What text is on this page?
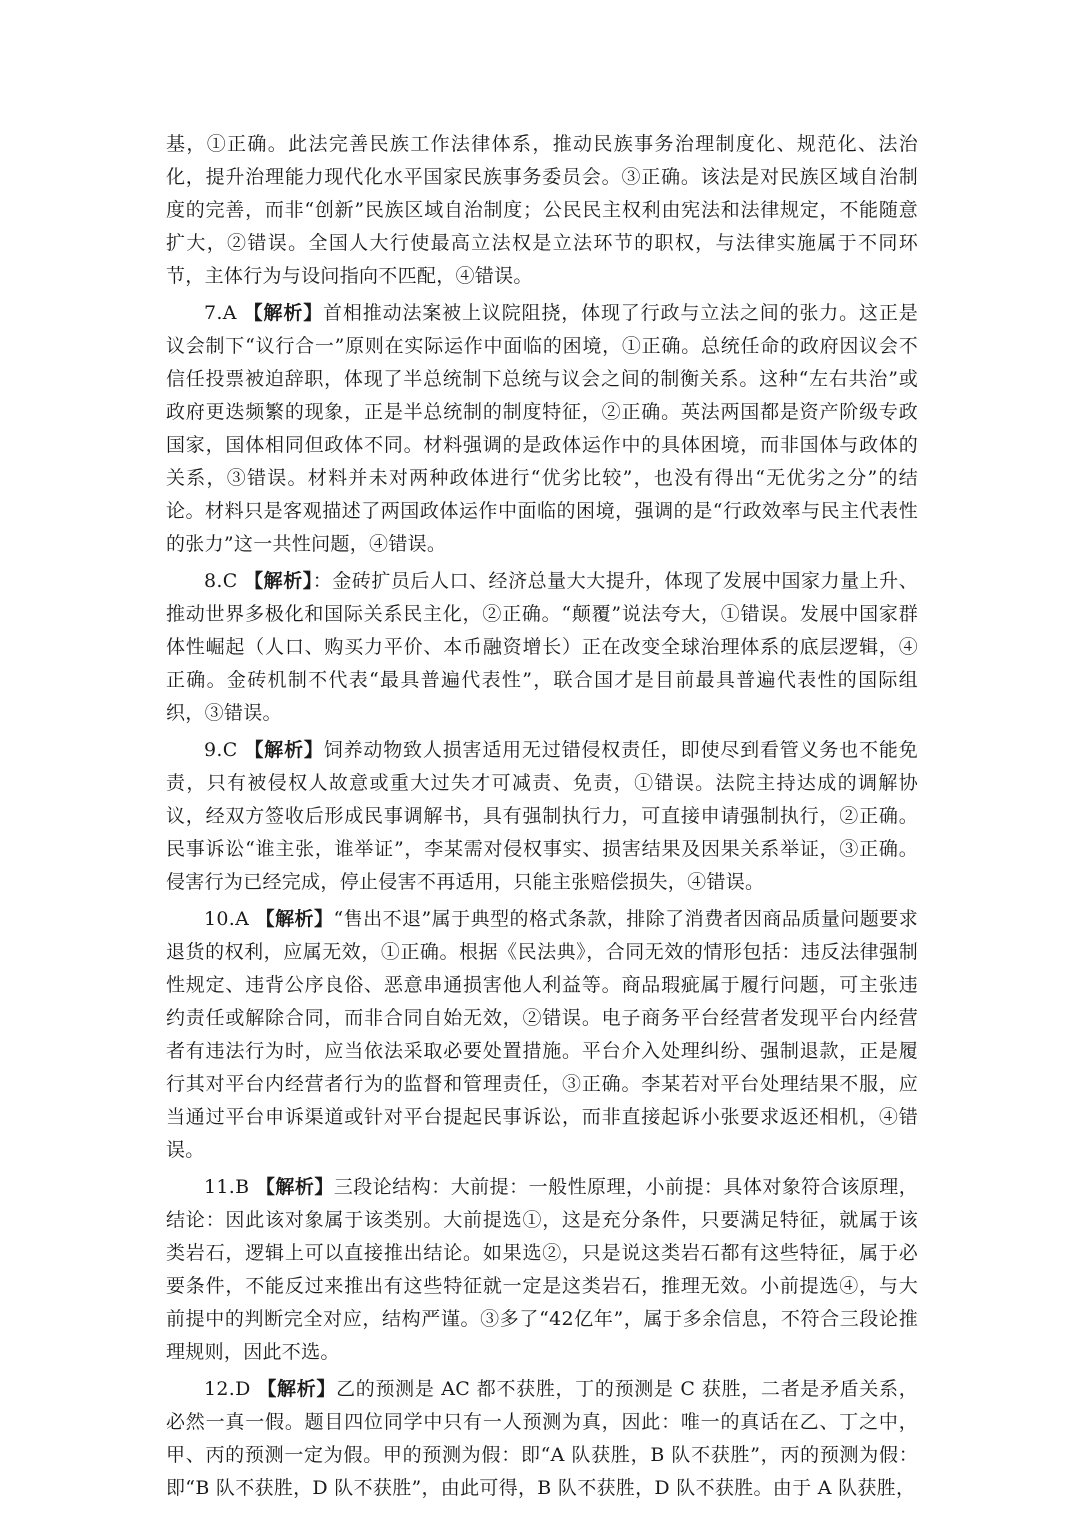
基，①正确。此法完善民族工作法律体系，推动民族事务治理制度化、规范化、法治化，提升治理能力现代化水平国家民族事务委员会。③正确。该法是对民族区域自治制度的完善，而非“创新”民族区域自治制度；公民民主权利由宪法和法律规定，不能随意扩大，②错误。全国人大行使最高立法权是立法环节的职权，与法律实施属于不同环节，主体行为与设问指向不匹配，④错误。

7.A 【解析】首相推动法案被上议院阻挠，体现了行政与立法之间的张力。这正是议会制下“议行合一”原则在实际运作中面临的困境，①正确。总统任命的政府因议会不信任投票被迫辞职，体现了半总统制下总统与议会之间的制衡关系。这种“左右共治”或政府更迭频繁的现象，正是半总统制的制度特征，②正确。英法两国都是资产阶级专政国家，国体相同但政体不同。材料强调的是政体运作中的具体困境，而非国体与政体的关系，③错误。材料并未对两种政体进行“优劣比较”，也没有得出“无优劣之分”的结论。材料只是客观描述了两国政体运作中面临的困境，强调的是“行政效率与民主代表性的张力”这一共性问题，④错误。

8.C 【解析】：金砖扩员后人口、经济总量大大提升，体现了发展中国家力量上升、推动世界多极化和国际关系民主化，②正确。“颠覆”说法夸大，①错误。发展中国家群体性崛起（人口、购买力平价、本币融资增长）正在改变全球治理体系的底层逻辑，④正确。金砖机制不代表“最具普遍代表性”，联合国才是目前最具普遍代表性的国际组织，③错误。

9.C 【解析】饲养动物致人损害适用无过错侵权责任，即使尽到看管义务也不能免责，只有被侵权人故意或重大过失才可减责、免责，①错误。法院主持达成的调解协议，经双方签收后形成民事调解书，具有强制执行力，可直接申请强制执行，②正确。民事诉讼“谁主张，谁举证”，李某需对侵权事实、损害结果及因果关系举证，③正确。侵害行为已经完成，停止侵害不再适用，只能主张赔偿损失，④错误。

10.A 【解析】“售出不退”属于典型的格式条款，排除了消费者因商品质量问题要求退货的权利，应属无效，①正确。根据《民法典》，合同无效的情形包括：违反法律强制性规定、违背公序良俗、恶意串通损害他人利益等。商品瑕疵属于履行问题，可主张违约责任或解除合同，而非合同自始无效，②错误。电子商务平台经营者发现平台内经营者有违法行为时，应当依法采取必要处置措施。平台介入处理纠纷、强制退款，正是履行其对平台内经营者行为的监督和管理责任，③正确。李某若对平台处理结果不服，应当通过平台申诉渠道或针对平台提起民事诉讼，而非直接起诉小张要求返还相机，④错误。

11.B 【解析】三段论结构：大前提：一般性原理，小前提：具体对象符合该原理， 结论：因此该对象属于该类别。大前提选①，这是充分条件，只要满足特征，就属于该类岩石，逻辑上可以直接推出结论。如果选②，只是说这类岩石都有这些特征，属于必要条件，不能反过来推出有这些特征就一定是这类岩石，推理无效。小前提选④，与大前提中的判断完全对应，结构严谨。③多了“42亿年”，属于多余信息，不符合三段论推理规则，因此不选。

12.D 【解析】乙的预测是 AC 都不获胜，丁的预测是 C 获胜，二者是矛盾关系，必然一真一假。题目四位同学中只有一人预测为真，因此：唯一的真话在乙、丁之中，甲、丙的预测一定为假。甲的预测为假：即“A 队获胜，B 队不获胜”，丙的预测为假：即“B 队不获胜，D 队不获胜”，由此可得，B 队不获胜，D 队不获胜。由于 A 队获胜，
